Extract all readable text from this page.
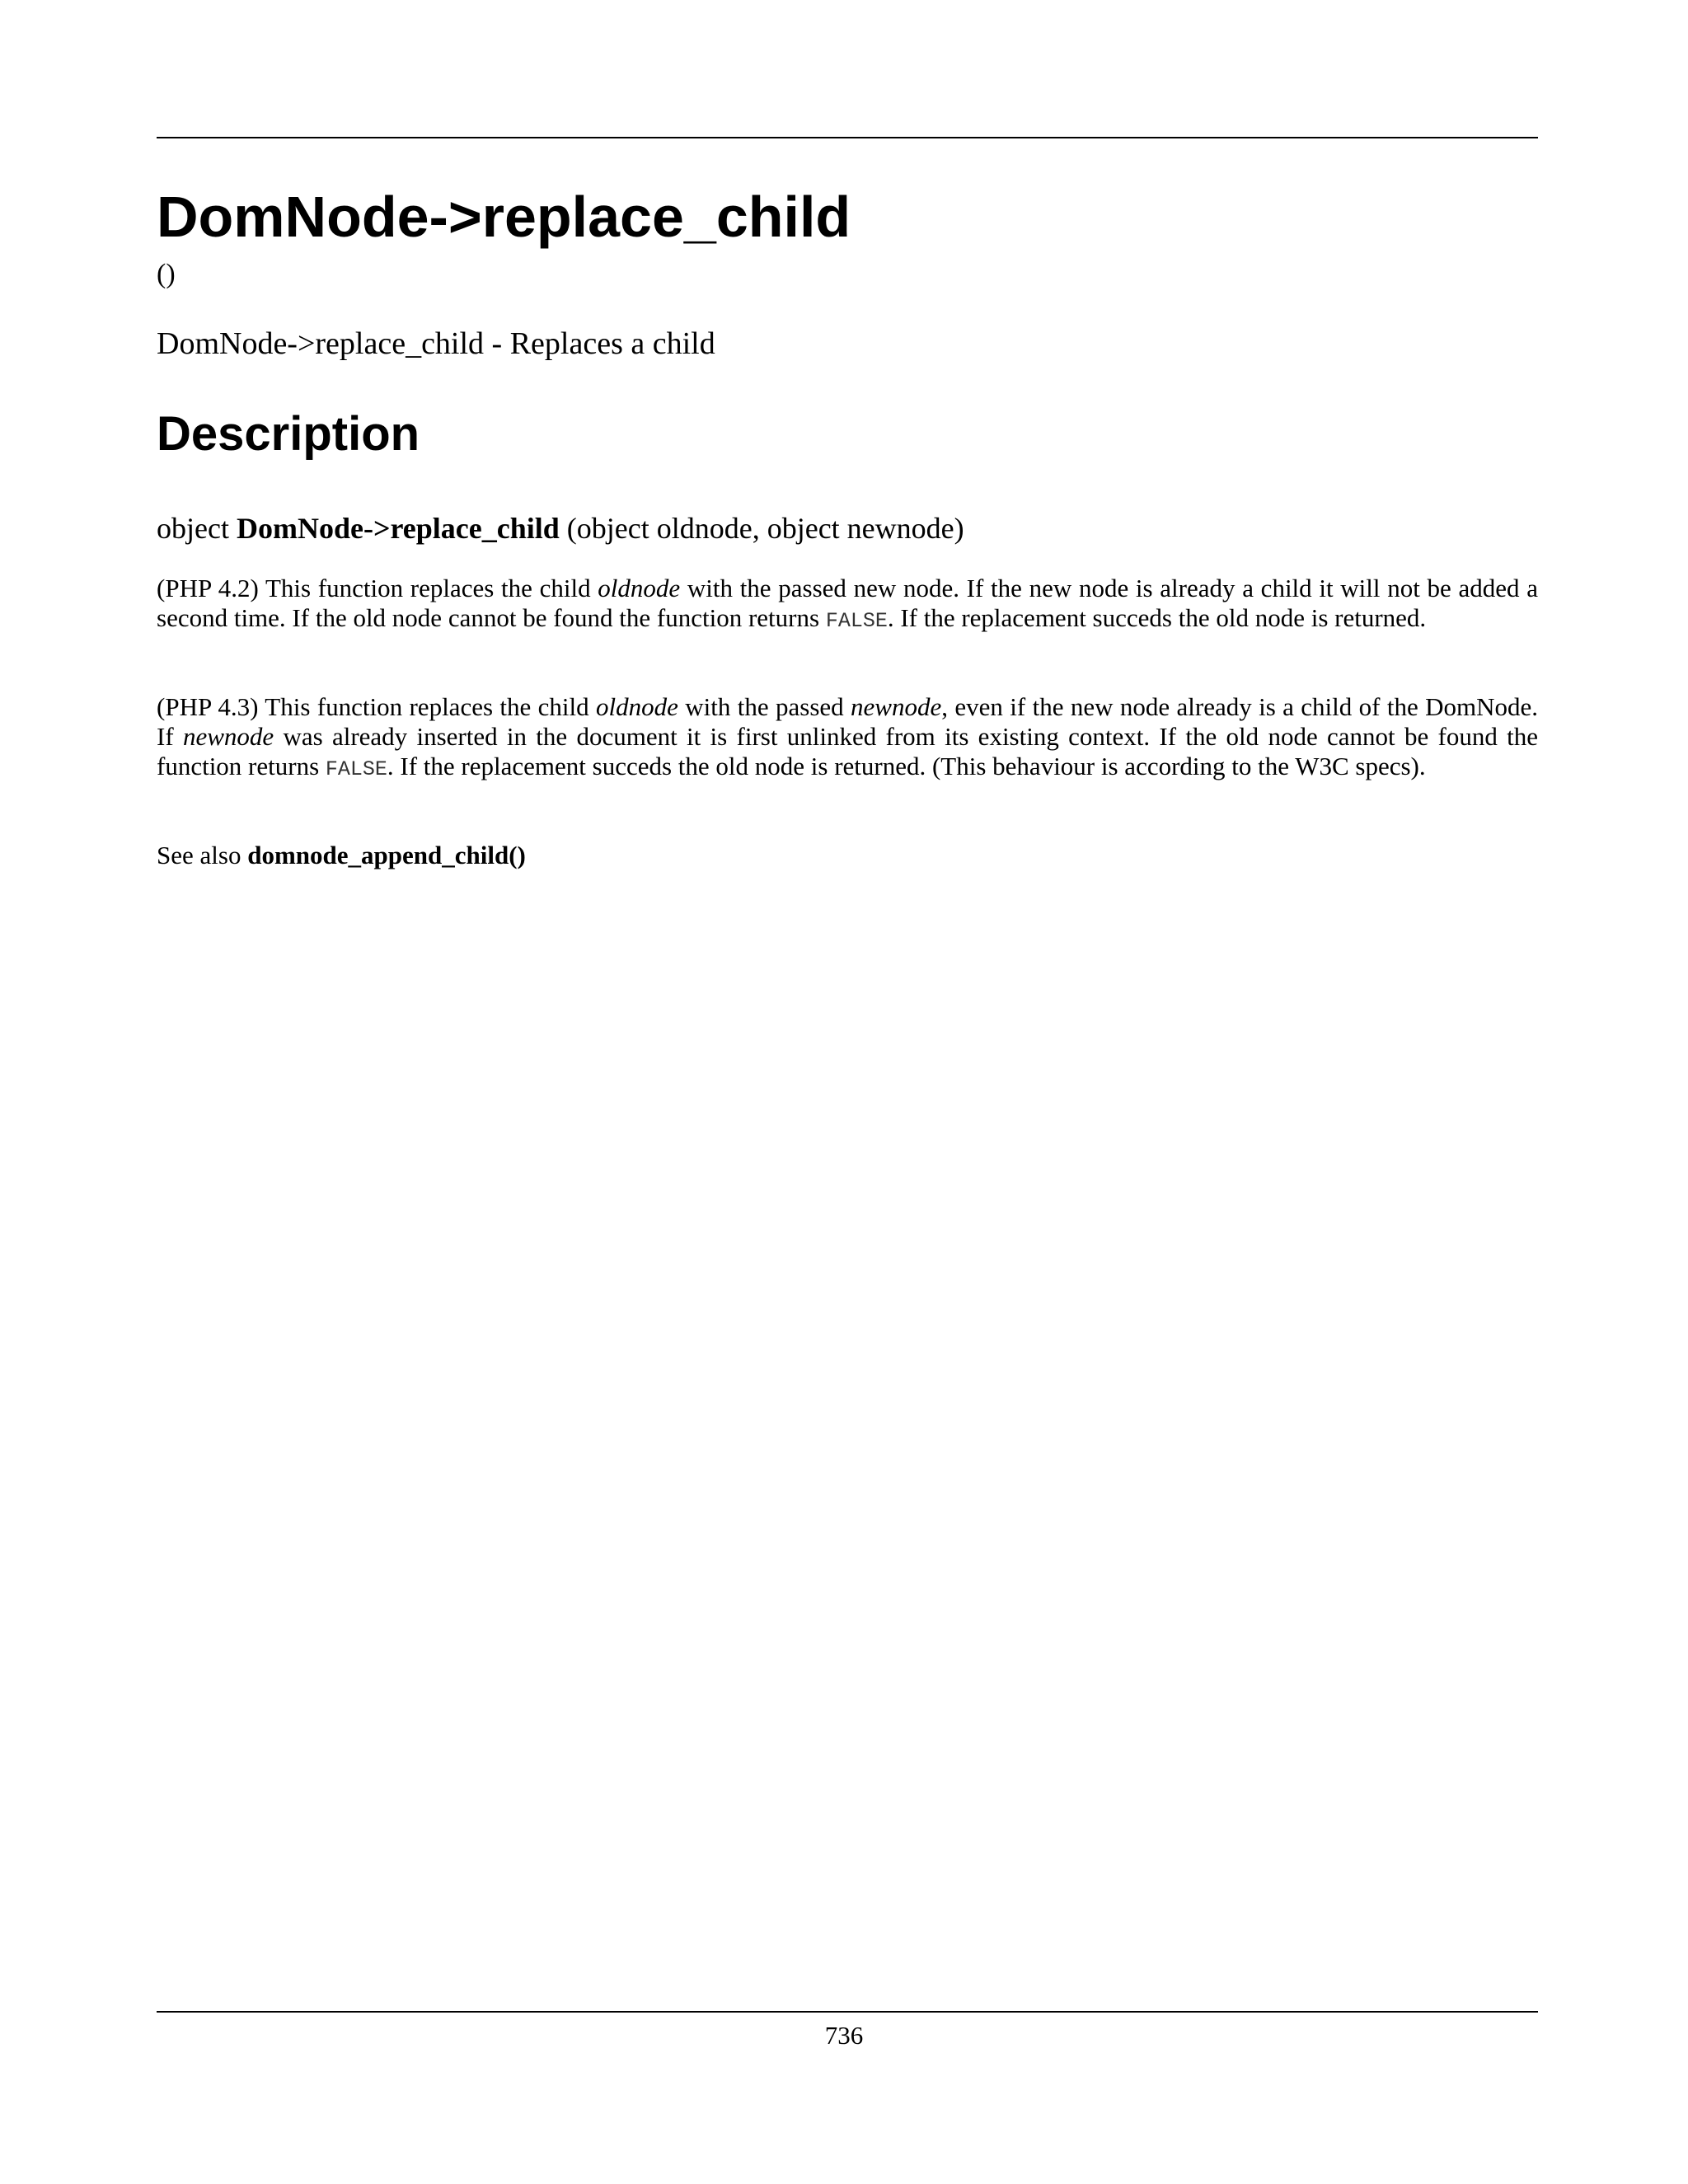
DomNode->replace_child
()
DomNode->replace_child - Replaces a child
Description
object DomNode->replace_child (object oldnode, object newnode)

(PHP 4.2) This function replaces the child oldnode with the passed new node. If the new node is already a child it will not be added a second time. If the old node cannot be found the function returns FALSE. If the replacement succeds the old node is returned.

(PHP 4.3) This function replaces the child oldnode with the passed newnode, even if the new node already is a child of the DomNode. If newnode was already inserted in the document it is first unlinked from its existing context. If the old node cannot be found the function returns FALSE. If the replacement succeds the old node is returned. (This behaviour is according to the W3C specs).

See also domnode_append_child()
736
